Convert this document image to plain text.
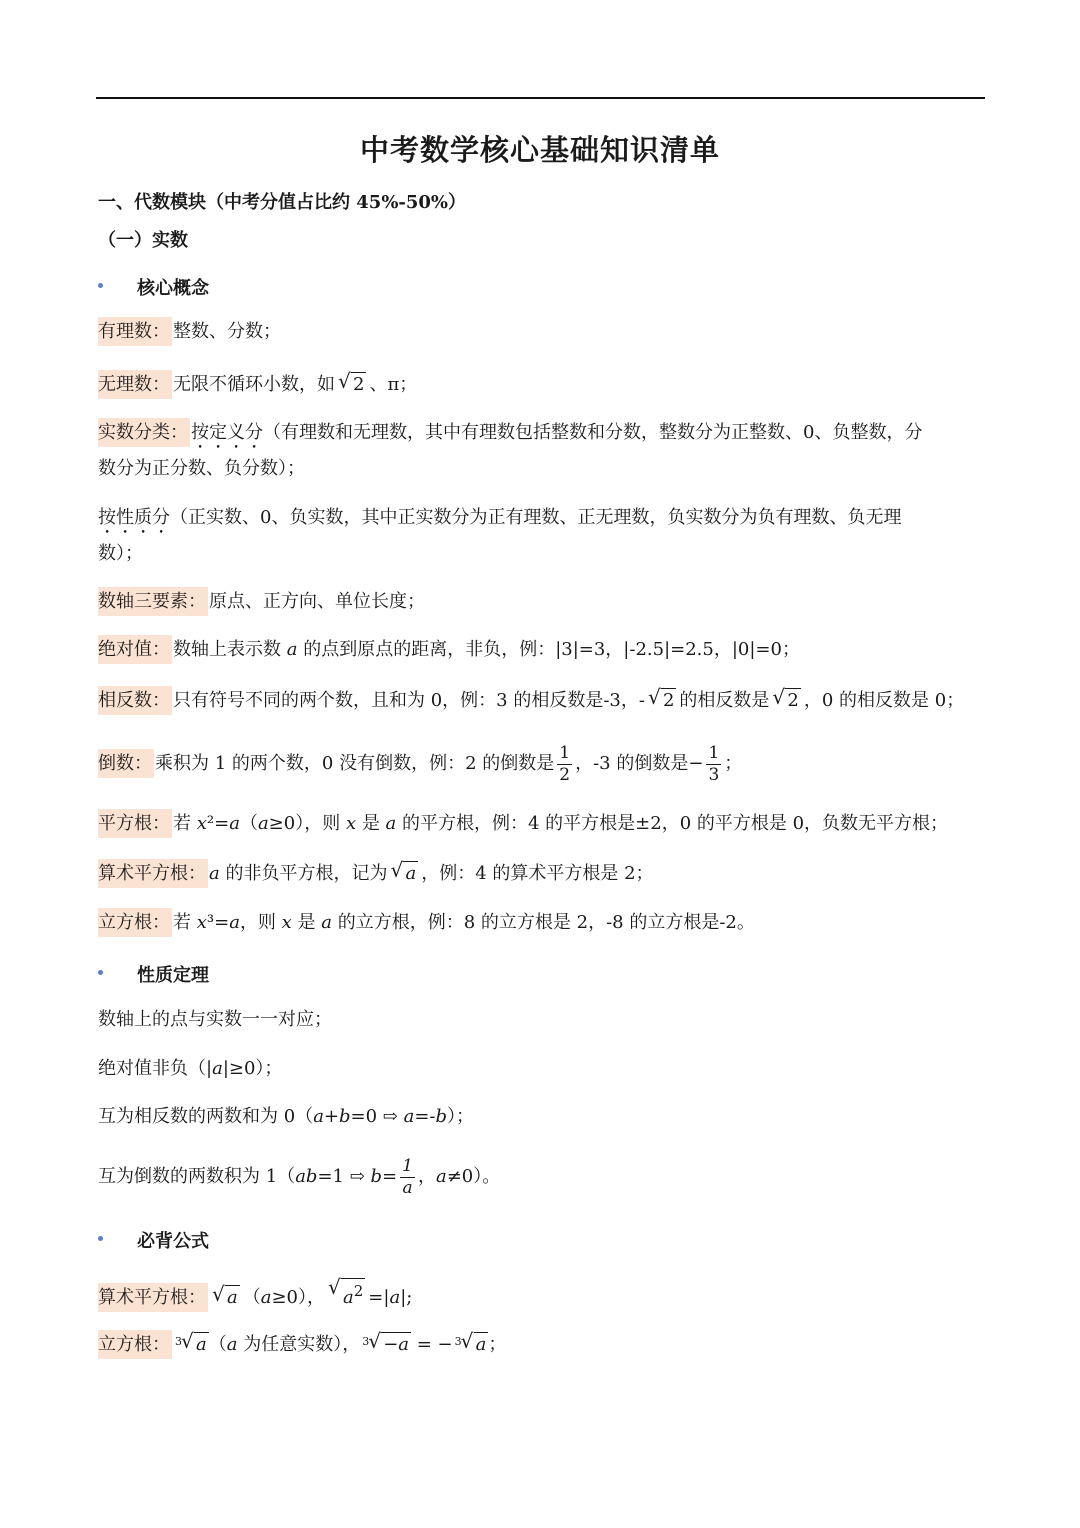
中考数学核心基础知识清单
一、代数模块（中考分值占比约 45%-50%）
（一）实数
核心概念
有理数： 整数、分数；
无理数： 无限不循环小数，如 √ 2 、π；
实数分类： 按定义分（有理数和无理数，其中有理数包括整数和分数，整数分为正整数、0、负整数，分
数分为正分数、负分数）；
按性质分（正实数、0、负实数，其中正实数分为正有理数、正无理数，负实数分为负有理数、负无理
数）；
数轴三要素： 原点、正方向、单位长度；
绝对值： 数轴上表示数 a 的点到原点的距离，非负，例：|3|=3，|-2.5|=2.5，|0|=0；
相反数： 只有符号不同的两个数，且和为 0，例：3 的相反数是-3，- √ 2 的相反数是 √ 2 ，0 的相反数是 0；
倒数： 乘积为 1 的两个数，0 没有倒数，例：2 的倒数是 $\frac{1}{2}$ ，-3 的倒数是− $\frac{1}{3}$ ；
平方根： 若 x²=a（a≥0），则 x 是 a 的平方根，例：4 的平方根是±2，0 的平方根是 0，负数无平方根；
算术平方根： a 的非负平方根，记为 √ a ，例：4 的算术平方根是 2；
立方根： 若 x³=a，则 x 是 a 的立方根，例：8 的立方根是 2，-8 的立方根是-2。
性质定理
数轴上的点与实数一一对应；
绝对值非负（|a|≥0）；
互为相反数的两数和为 0（a+b=0 ⇨ a=-b）；
互为倒数的两数积为 1（ab=1 ⇨ $b= \frac{1}{a}$ ，a≠0）。
必背公式
算术平方根： √ a （a≥0）， √ $a^2 =|a|$;
立方根： √ 3 a （a 为任意实数）， √ 3 −a = − √ 3 a ；
